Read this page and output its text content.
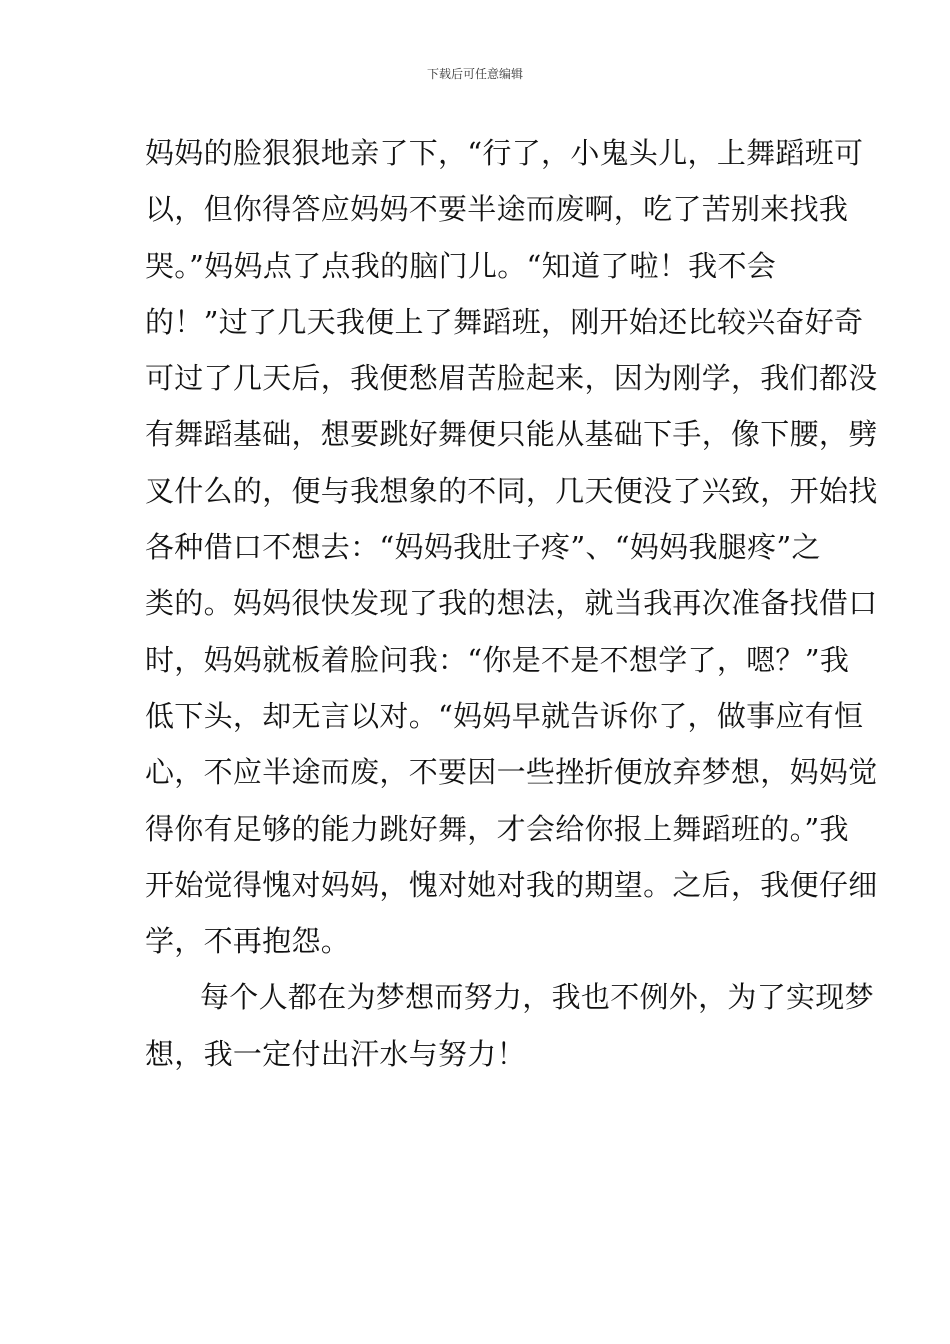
下载后可任意编辑
妈妈的脸狠狠地亲了下，“行了，小鬼头儿，上舞蹈班可
以，但你得答应妈妈不要半途而废啊，吃了苦别来找我
哭。”妈妈点了点我的脑门儿。“知道了啦！我不会
的！”过了几天我便上了舞蹈班，刚开始还比较兴奋好奇
可过了几天后，我便愁眉苦脸起来，因为刚学，我们都没
有舞蹈基础，想要跳好舞便只能从基础下手，像下腰，劈
叉什么的，便与我想象的不同，几天便没了兴致，开始找
各种借口不想去：“妈妈我肚子疼”、“妈妈我腿疼”之
类的。妈妈很快发现了我的想法，就当我再次准备找借口
时，妈妈就板着脸问我：“你是不是不想学了，嗯？”我
低下头，却无言以对。“妈妈早就告诉你了，做事应有恒
心，不应半途而废，不要因一些挫折便放弃梦想，妈妈觉
得你有足够的能力跳好舞，才会给你报上舞蹈班的。”我
开始觉得愧对妈妈，愧对她对我的期望。之后，我便仔细
学，不再抱怨。
每个人都在为梦想而努力，我也不例外，为了实现梦
想，我一定付出汗水与努力！
